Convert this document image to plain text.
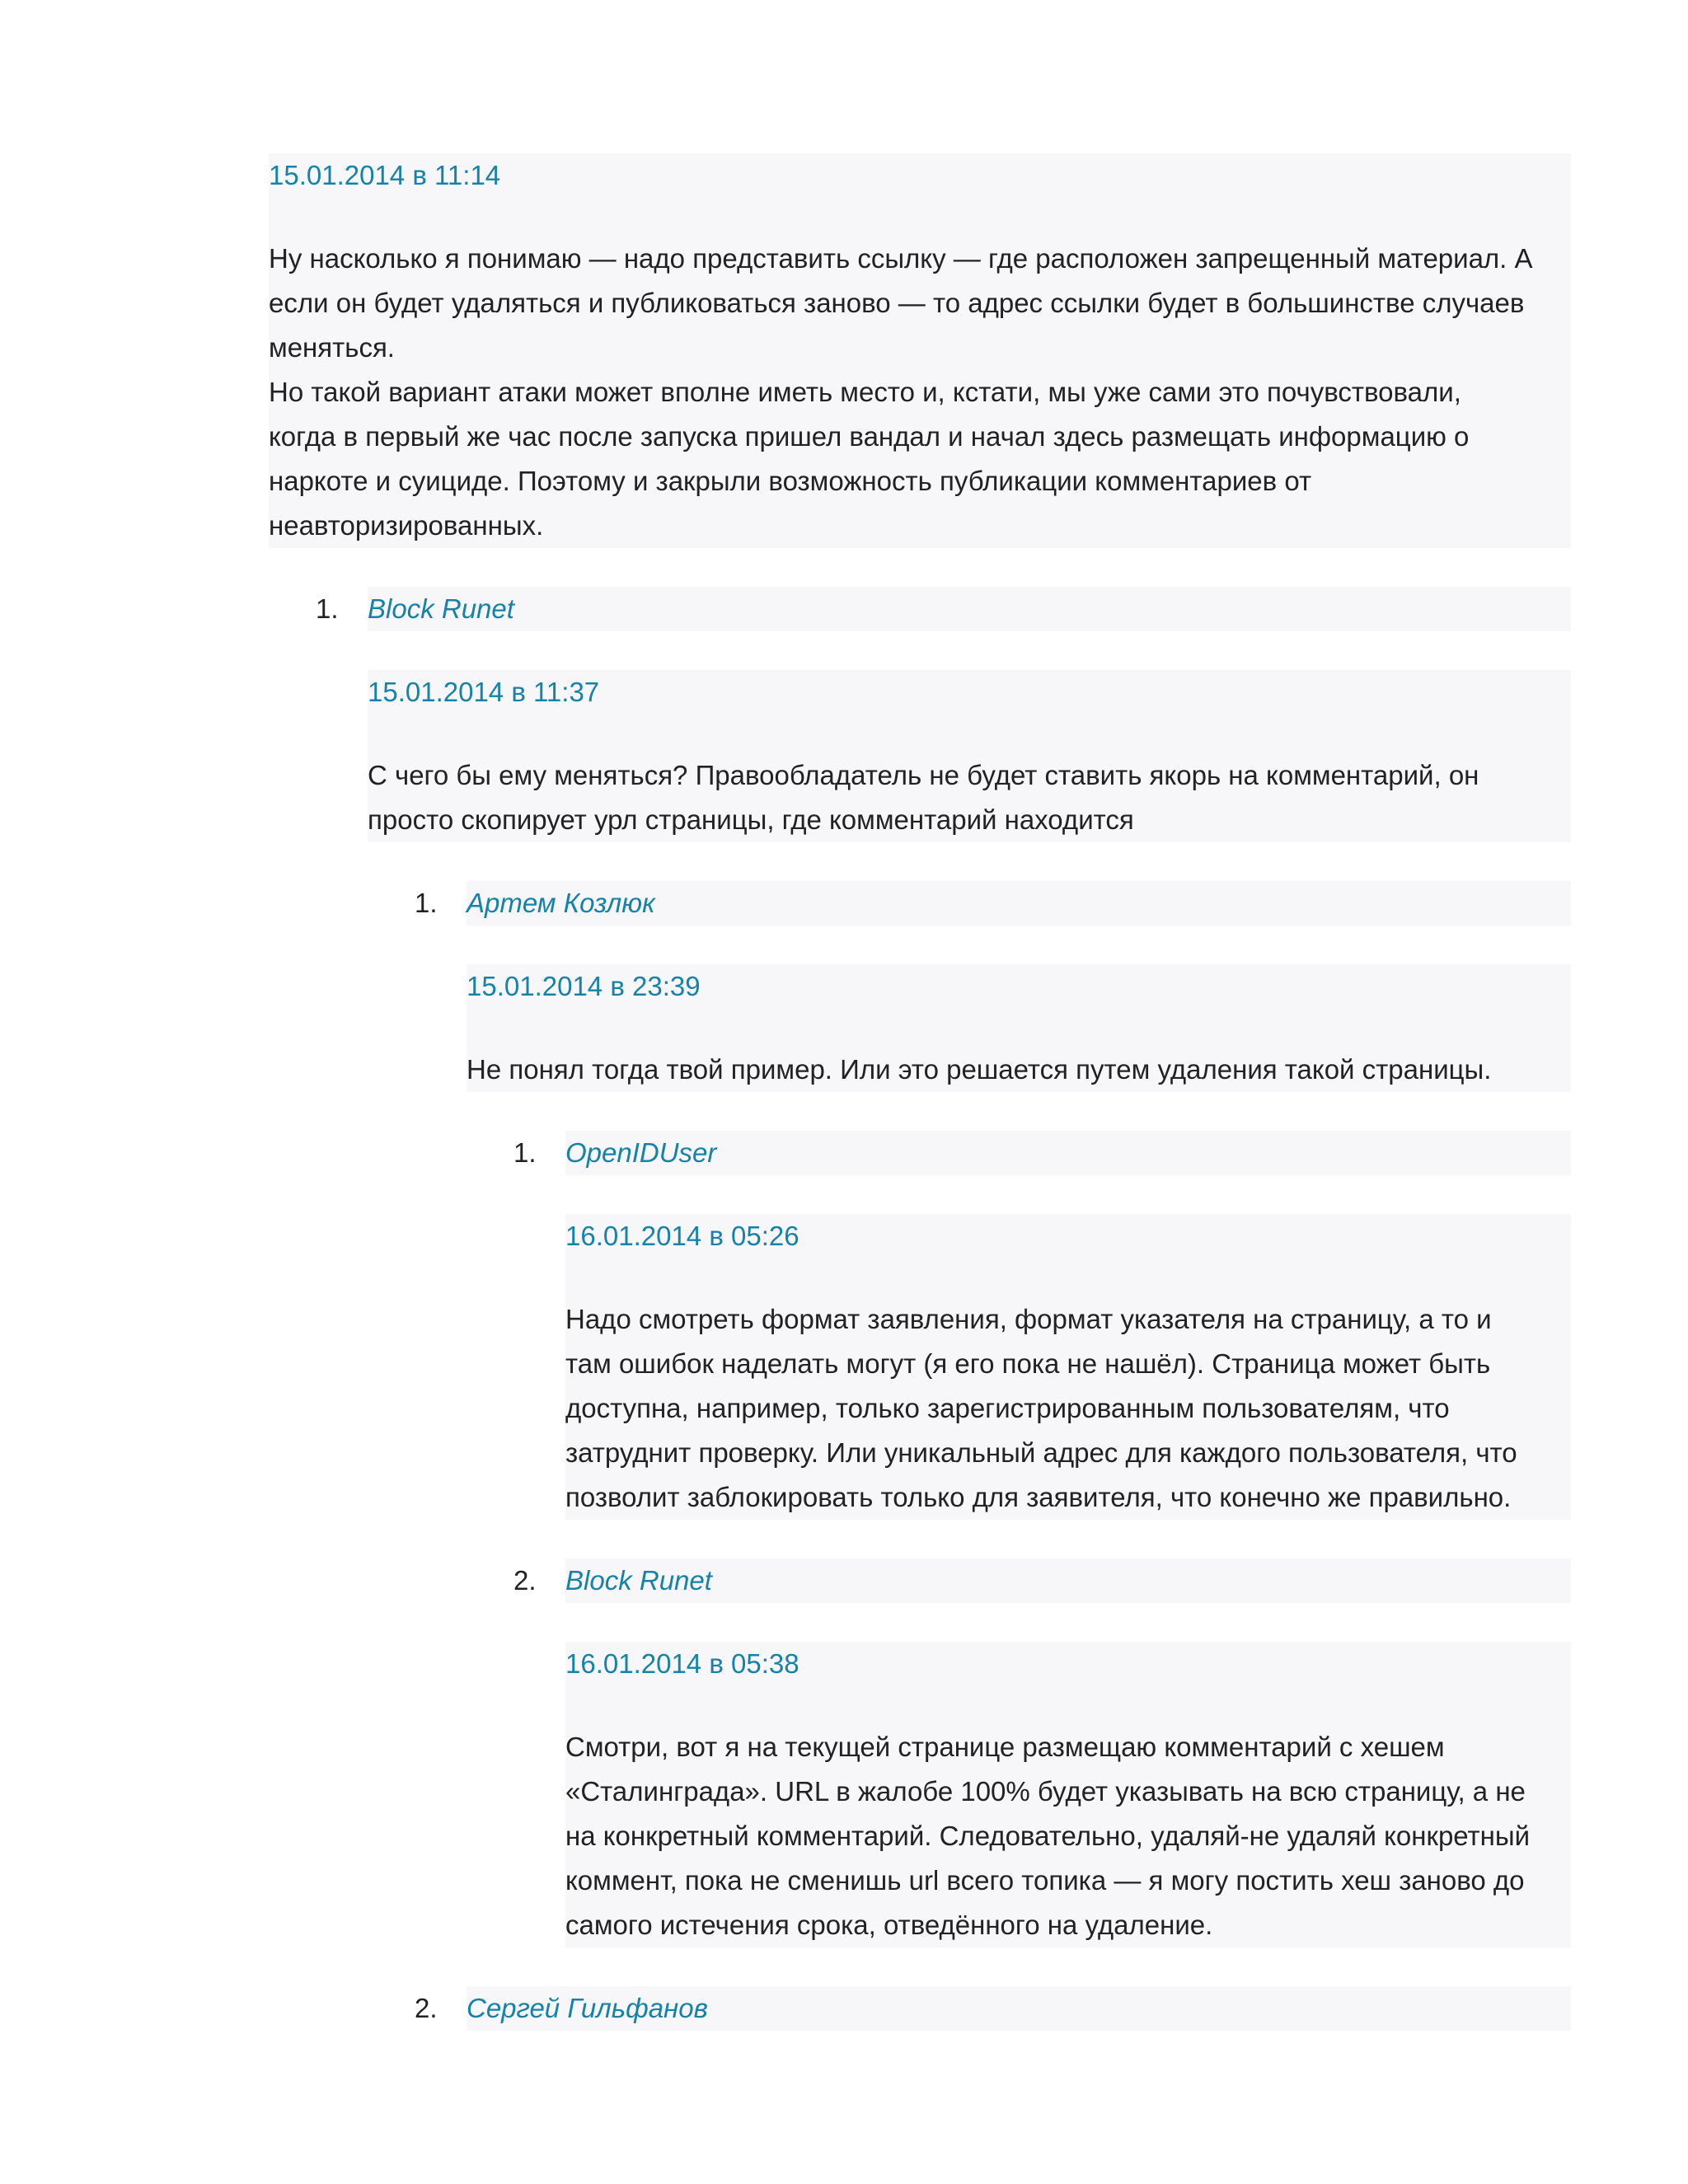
15.01.2014 в 11:14
Ну насколько я понимаю — надо представить ссылку — где расположен запрещенный материал. А
если он будет удаляться и публиковаться заново — то адрес ссылки будет в большинстве случаев
меняться.
Но такой вариант атаки может вполне иметь место и, кстати, мы уже сами это почувствовали,
когда в первый же час после запуска пришел вандал и начал здесь размещать информацию о
наркоте и суициде. Поэтому и закрыли возможность публикации комментариев от
неавторизированных.
1. Block Runet
15.01.2014 в 11:37
С чего бы ему меняться? Правообладатель не будет ставить якорь на комментарий, он
просто скопирует урл страницы, где комментарий находится
1. Артем Козлюк
15.01.2014 в 23:39
Не понял тогда твой пример. Или это решается путем удаления такой страницы.
1. OpenIDUser
16.01.2014 в 05:26
Надо смотреть формат заявления, формат указателя на страницу, а то и
там ошибок наделать могут (я его пока не нашёл). Страница может быть
доступна, например, только зарегистрированным пользователям, что
затруднит проверку. Или уникальный адрес для каждого пользователя, что
позволит заблокировать только для заявителя, что конечно же правильно.
2. Block Runet
16.01.2014 в 05:38
Смотри, вот я на текущей странице размещаю комментарий с хешем
«Сталинграда». URL в жалобе 100% будет указывать на всю страницу, а не
на конкретный комментарий. Следовательно, удаляй-не удаляй конкретный
коммент, пока не сменишь url всего топика — я могу постить хеш заново до
самого истечения срока, отведённого на удаление.
2. Сергей Гильфанов
